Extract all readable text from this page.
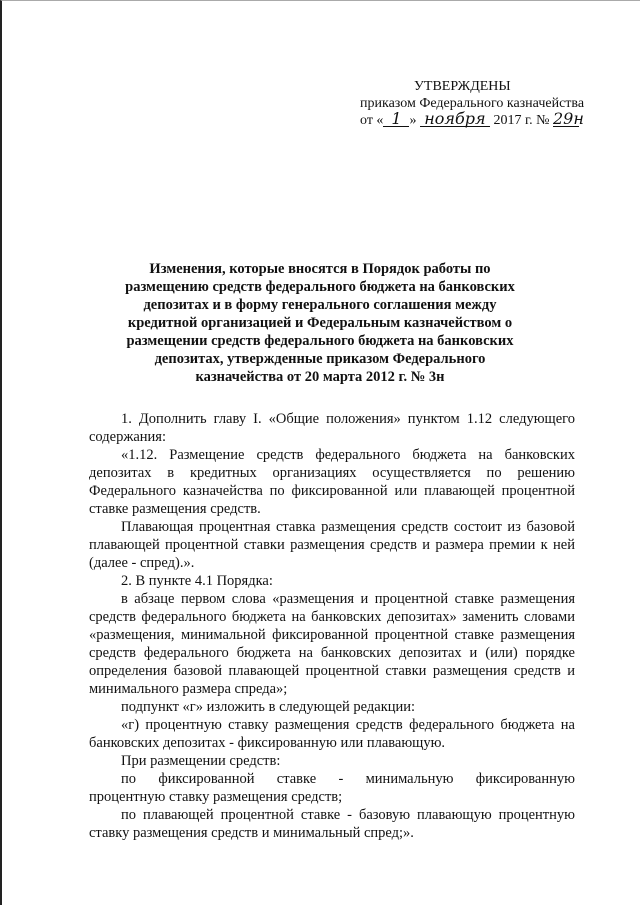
УТВЕРЖДЕНЫ
приказом Федерального казначейства
от « 1 » ноября 2017 г. № 29н
Изменения, которые вносятся в Порядок работы по размещению средств федерального бюджета на банковских депозитах и в форму генерального соглашения между кредитной организацией и Федеральным казначейством о размещении средств федерального бюджета на банковских депозитах, утвержденные приказом Федерального казначейства от 20 марта 2012 г. № 3н

1. Дополнить главу I. «Общие положения» пунктом 1.12 следующего содержания:

«1.12. Размещение средств федерального бюджета на банковских депозитах в кредитных организациях осуществляется по решению Федерального казначейства по фиксированной или плавающей процентной ставке размещения средств.

Плавающая процентная ставка размещения средств состоит из базовой плавающей процентной ставки размещения средств и размера премии к ней (далее - спред).».

2. В пункте 4.1 Порядка:

в абзаце первом слова «размещения и процентной ставке размещения средств федерального бюджета на банковских депозитах» заменить словами «размещения, минимальной фиксированной процентной ставке размещения средств федерального бюджета на банковских депозитах и (или) порядке определения базовой плавающей процентной ставки размещения средств и минимального размера спреда»;

подпункт «г» изложить в следующей редакции:

«г) процентную ставку размещения средств федерального бюджета на банковских депозитах - фиксированную или плавающую.

При размещении средств:

по фиксированной ставке - минимальную фиксированную

процентную ставку размещения средств;

по плавающей процентной ставке - базовую плавающую процентную ставку размещения средств и минимальный спред;».
